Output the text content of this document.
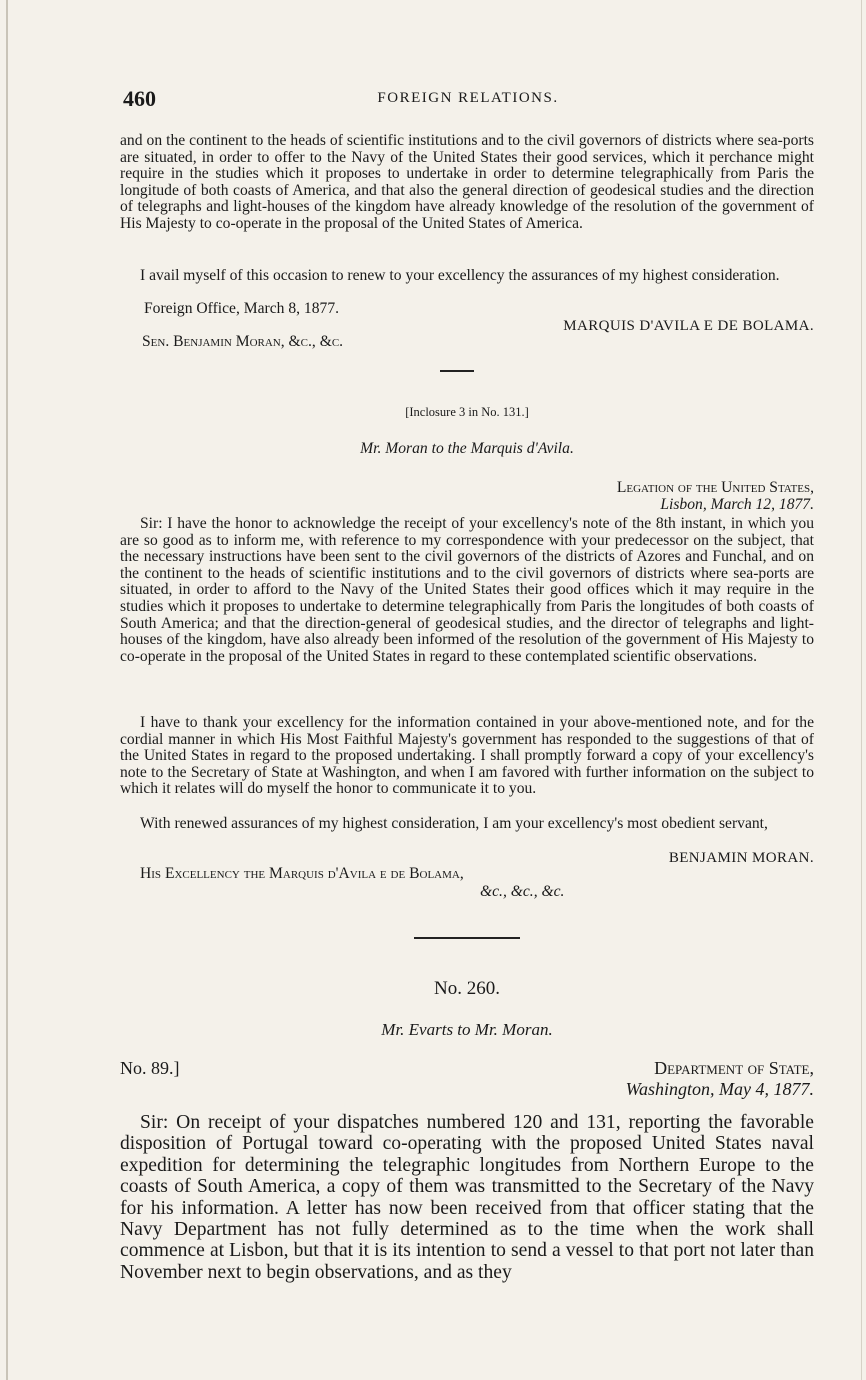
460	FOREIGN RELATIONS.
and on the continent to the heads of scientific institutions and to the civil governors of districts where sea-ports are situated, in order to offer to the Navy of the United States their good services, which it perchance might require in the studies which it proposes to undertake in order to determine telegraphically from Paris the longitude of both coasts of America, and that also the general direction of geodesical studies and the direction of telegraphs and light-houses of the kingdom have already knowledge of the resolution of the government of His Majesty to co-operate in the proposal of the United States of America.
I avail myself of this occasion to renew to your excellency the assurances of my highest consideration.
Foreign Office, March 8, 1877.
MARQUIS D'AVILA E DE BOLAMA.
Sen. Benjamin Moran, &c., &c.
[Inclosure 3 in No. 131.]
Mr. Moran to the Marquis d'Avila.
Legation of the United States,
Lisbon, March 12, 1877.
Sir: I have the honor to acknowledge the receipt of your excellency's note of the 8th instant, in which you are so good as to inform me, with reference to my correspondence with your predecessor on the subject, that the necessary instructions have been sent to the civil governors of the districts of Azores and Funchal, and on the continent to the heads of scientific institutions and to the civil governors of districts where sea-ports are situated, in order to afford to the Navy of the United States their good offices which it may require in the studies which it proposes to undertake to determine telegraphically from Paris the longitudes of both coasts of South America; and that the direction-general of geodesical studies, and the director of telegraphs and light-houses of the kingdom, have also already been informed of the resolution of the government of His Majesty to co-operate in the proposal of the United States in regard to these contemplated scientific observations.
I have to thank your excellency for the information contained in your above-mentioned note, and for the cordial manner in which His Most Faithful Majesty's government has responded to the suggestions of that of the United States in regard to the proposed undertaking. I shall promptly forward a copy of your excellency's note to the Secretary of State at Washington, and when I am favored with further information on the subject to which it relates will do myself the honor to communicate it to you.
With renewed assurances of my highest consideration, I am your excellency's most obedient servant,
BENJAMIN MORAN.
His Excellency the Marquis d'Avila e de Bolama,
&c., &c., &c.
No. 260.
Mr. Evarts to Mr. Moran.
No. 89.]	Department of State,
Washington, May 4, 1877.
Sir: On receipt of your dispatches numbered 120 and 131, reporting the favorable disposition of Portugal toward co-operating with the proposed United States naval expedition for determining the telegraphic longitudes from Northern Europe to the coasts of South America, a copy of them was transmitted to the Secretary of the Navy for his information. A letter has now been received from that officer stating that the Navy Department has not fully determined as to the time when the work shall commence at Lisbon, but that it is its intention to send a vessel to that port not later than November next to begin observations, and as they
